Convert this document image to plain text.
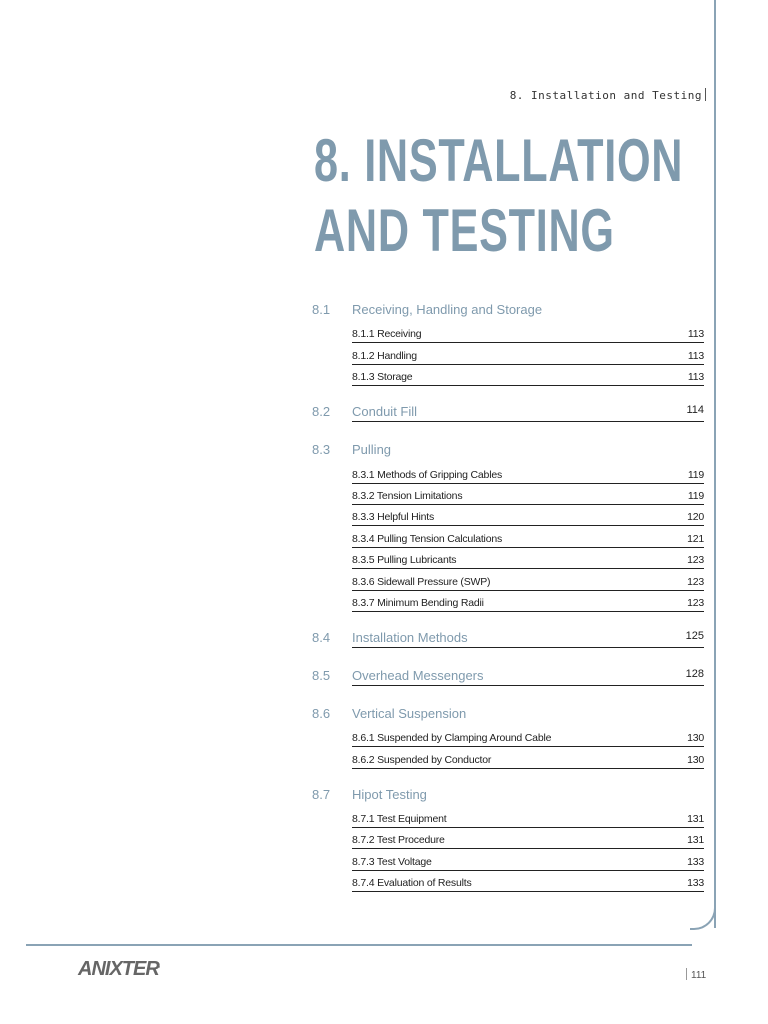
8. Installation and Testing
8. INSTALLATION
AND TESTING
8.1	Receiving, Handling and Storage
8.1.1 Receiving	113
8.1.2 Handling	113
8.1.3 Storage	113
8.2	Conduit Fill	114
8.3	Pulling
8.3.1 Methods of Gripping Cables	119
8.3.2 Tension Limitations	119
8.3.3 Helpful Hints	120
8.3.4 Pulling Tension Calculations	121
8.3.5 Pulling Lubricants	123
8.3.6 Sidewall Pressure (SWP)	123
8.3.7 Minimum Bending Radii	123
8.4	Installation Methods	125
8.5	Overhead Messengers	128
8.6	Vertical Suspension
8.6.1 Suspended by Clamping Around Cable	130
8.6.2 Suspended by Conductor	130
8.7	Hipot Testing
8.7.1 Test Equipment	131
8.7.2 Test Procedure	131
8.7.3 Test Voltage	133
8.7.4 Evaluation of Results	133
ANIXTER.
111
